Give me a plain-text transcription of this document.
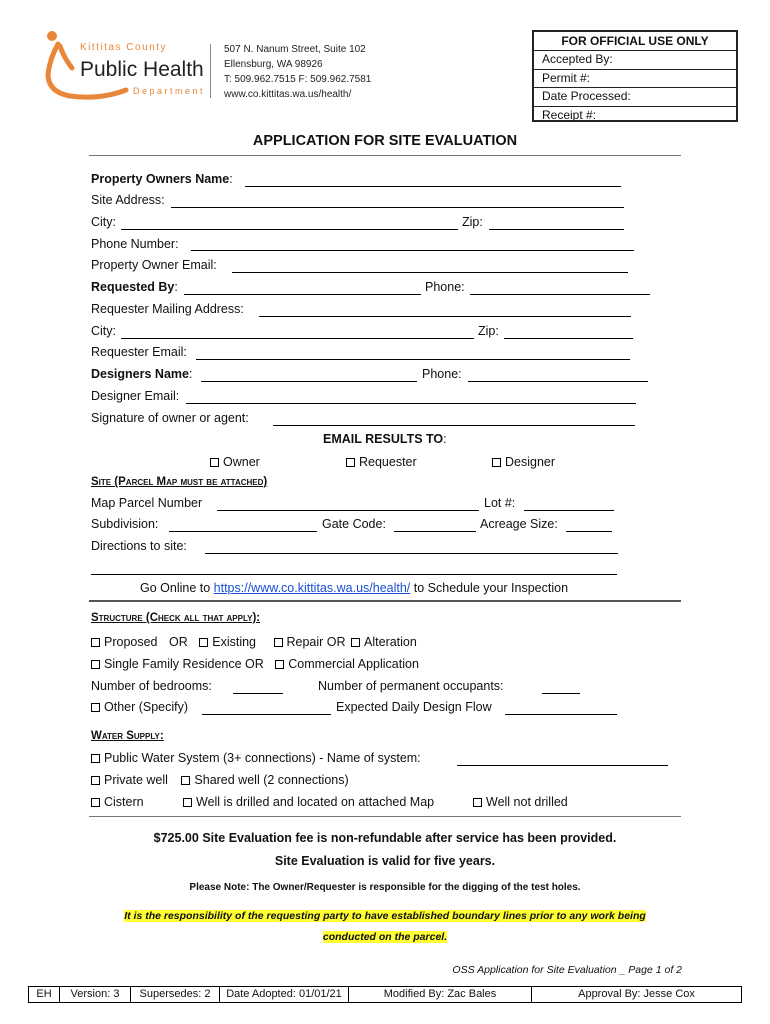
Kittitas County
Public Health
Department
507 N. Nanum Street, Suite 102
Ellensburg, WA 98926
T: 509.962.7515 F: 509.962.7581
www.co.kittitas.wa.us/health/
FOR OFFICIAL USE ONLY
Accepted By:
Permit #:
Date Processed:
Receipt #:
APPLICATION FOR SITE EVALUATION
Property Owners Name:
Site Address:
City:	Zip:
Phone Number:
Property Owner Email:
Requested By:	Phone:
Requester Mailing Address:
City:	Zip:
Requester Email:
Designers Name:	Phone:
Designer Email:
Signature of owner or agent:
EMAIL RESULTS TO:
Owner	Requester	Designer
Site (Parcel Map must be attached)
Map Parcel Number	Lot #:
Subdivision:	Gate Code:	Acreage Size:
Directions to site:
Go Online to https://www.co.kittitas.wa.us/health/ to Schedule your Inspection
Structure (Check all that apply):
Proposed OR Existing Repair OR Alteration
Single Family Residence OR Commercial Application
Number of bedrooms:	Number of permanent occupants:
Other (Specify)	Expected Daily Design Flow
Water Supply:
Public Water System (3+ connections) - Name of system:
Private well Shared well (2 connections)
Cistern	Well is drilled and located on attached Map	Well not drilled
$725.00 Site Evaluation fee is non-refundable after service has been provided.
Site Evaluation is valid for five years.
Please Note: The Owner/Requester is responsible for the digging of the test holes.
It is the responsibility of the requesting party to have established boundary lines prior to any work being
conducted on the parcel.
OSS Application for Site Evaluation _ Page 1 of 2
EH	Version: 3	Supersedes: 2	Date Adopted: 01/01/21	Modified By: Zac Bales	Approval By: Jesse Cox
